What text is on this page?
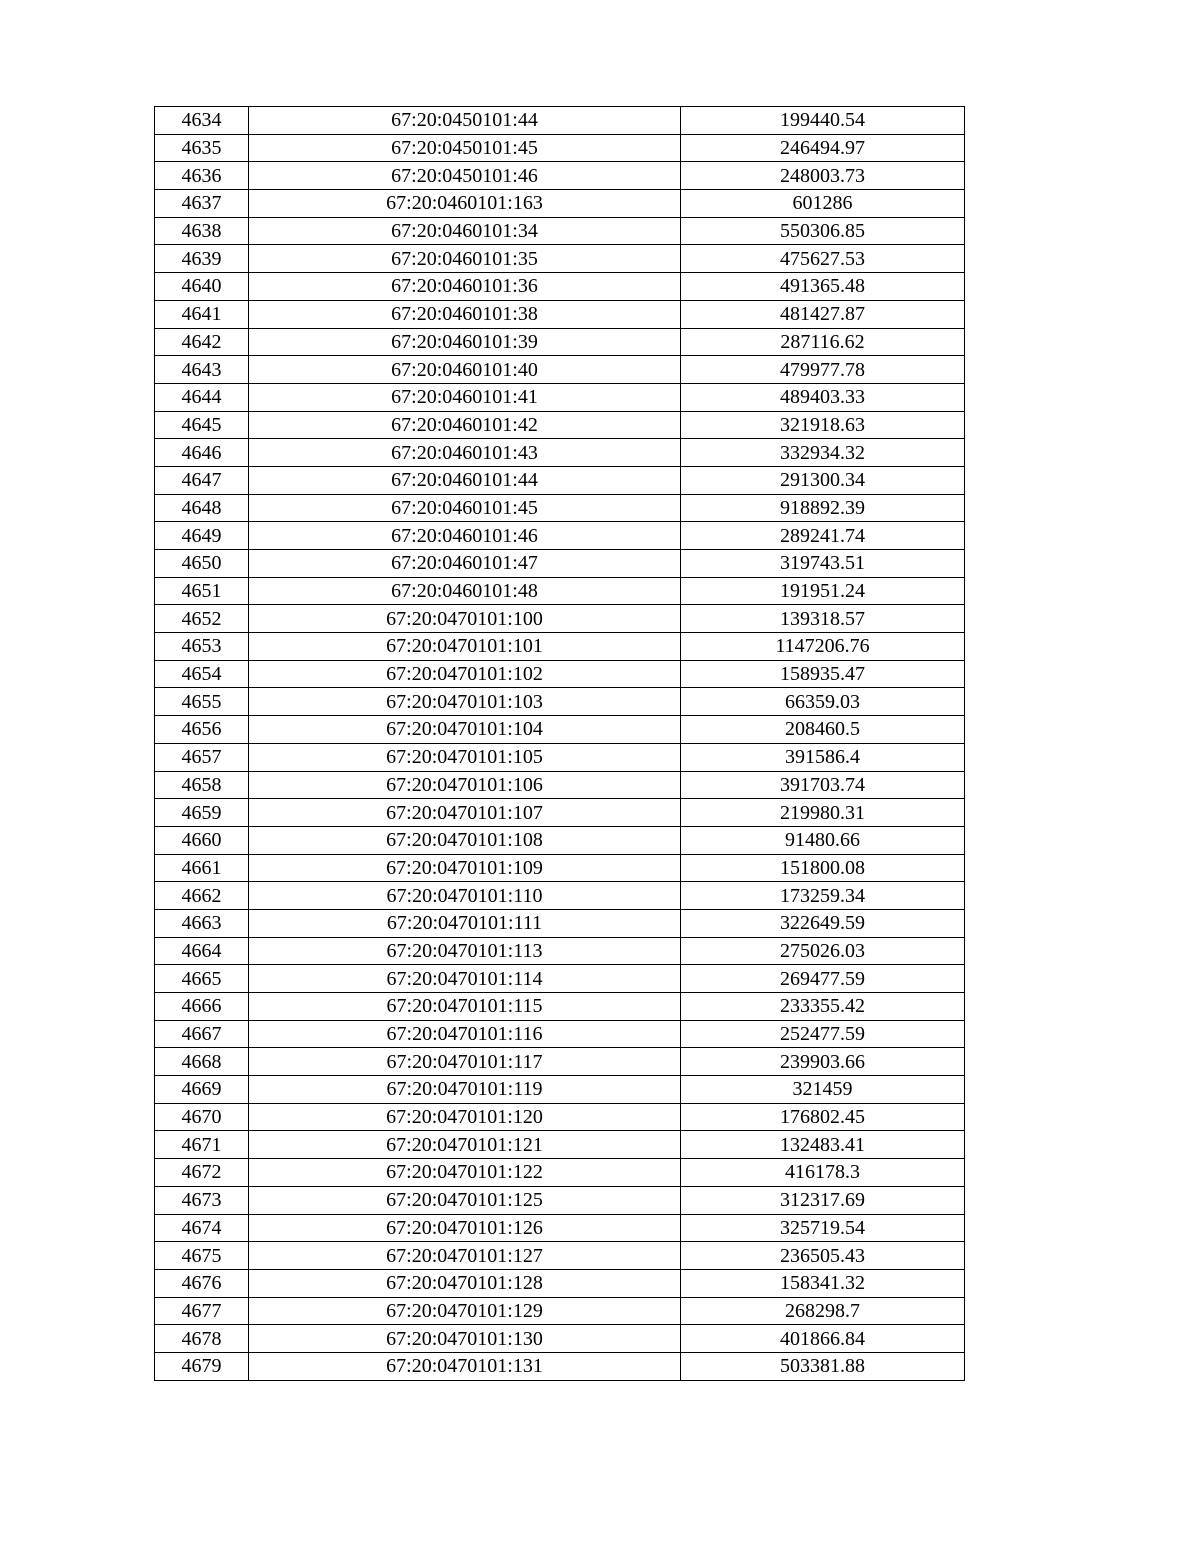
4634	67:20:0450101:44	199440.54
4635	67:20:0450101:45	246494.97
4636	67:20:0450101:46	248003.73
4637	67:20:0460101:163	601286
4638	67:20:0460101:34	550306.85
4639	67:20:0460101:35	475627.53
4640	67:20:0460101:36	491365.48
4641	67:20:0460101:38	481427.87
4642	67:20:0460101:39	287116.62
4643	67:20:0460101:40	479977.78
4644	67:20:0460101:41	489403.33
4645	67:20:0460101:42	321918.63
4646	67:20:0460101:43	332934.32
4647	67:20:0460101:44	291300.34
4648	67:20:0460101:45	918892.39
4649	67:20:0460101:46	289241.74
4650	67:20:0460101:47	319743.51
4651	67:20:0460101:48	191951.24
4652	67:20:0470101:100	139318.57
4653	67:20:0470101:101	1147206.76
4654	67:20:0470101:102	158935.47
4655	67:20:0470101:103	66359.03
4656	67:20:0470101:104	208460.5
4657	67:20:0470101:105	391586.4
4658	67:20:0470101:106	391703.74
4659	67:20:0470101:107	219980.31
4660	67:20:0470101:108	91480.66
4661	67:20:0470101:109	151800.08
4662	67:20:0470101:110	173259.34
4663	67:20:0470101:111	322649.59
4664	67:20:0470101:113	275026.03
4665	67:20:0470101:114	269477.59
4666	67:20:0470101:115	233355.42
4667	67:20:0470101:116	252477.59
4668	67:20:0470101:117	239903.66
4669	67:20:0470101:119	321459
4670	67:20:0470101:120	176802.45
4671	67:20:0470101:121	132483.41
4672	67:20:0470101:122	416178.3
4673	67:20:0470101:125	312317.69
4674	67:20:0470101:126	325719.54
4675	67:20:0470101:127	236505.43
4676	67:20:0470101:128	158341.32
4677	67:20:0470101:129	268298.7
4678	67:20:0470101:130	401866.84
4679	67:20:0470101:131	503381.88
